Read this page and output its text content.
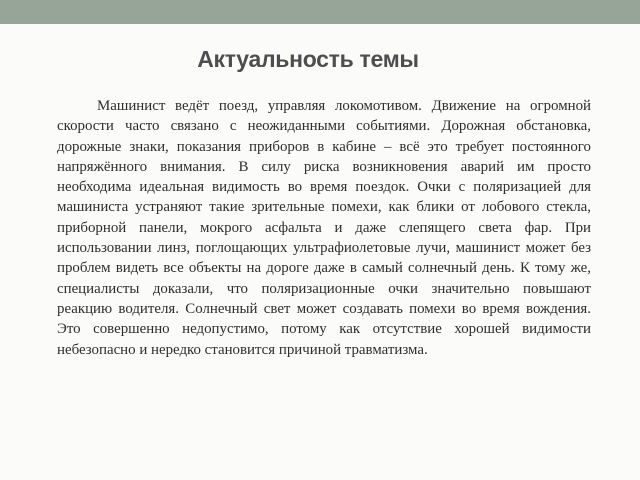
Актуальность темы

Машинист ведёт поезд, управляя локомотивом. Движение на огромной скорости часто связано с неожиданными событиями. Дорожная обстановка, дорожные знаки, показания приборов в кабине – всё это требует постоянного напряжённого внимания. В силу риска возникновения аварий им просто необходима идеальная видимость во время поездок. Очки с поляризацией для машиниста устраняют такие зрительные помехи, как блики от лобового стекла, приборной панели, мокрого асфальта и даже слепящего света фар. При использовании линз, поглощающих ультрафиолетовые лучи, машинист может без проблем видеть все объекты на дороге даже в самый солнечный день. К тому же, специалисты доказали, что поляризационные очки значительно повышают реакцию водителя. Солнечный свет может создавать помехи во время вождения. Это совершенно недопустимо, потому как отсутствие хорошей видимости небезопасно и нередко становится причиной травматизма.
